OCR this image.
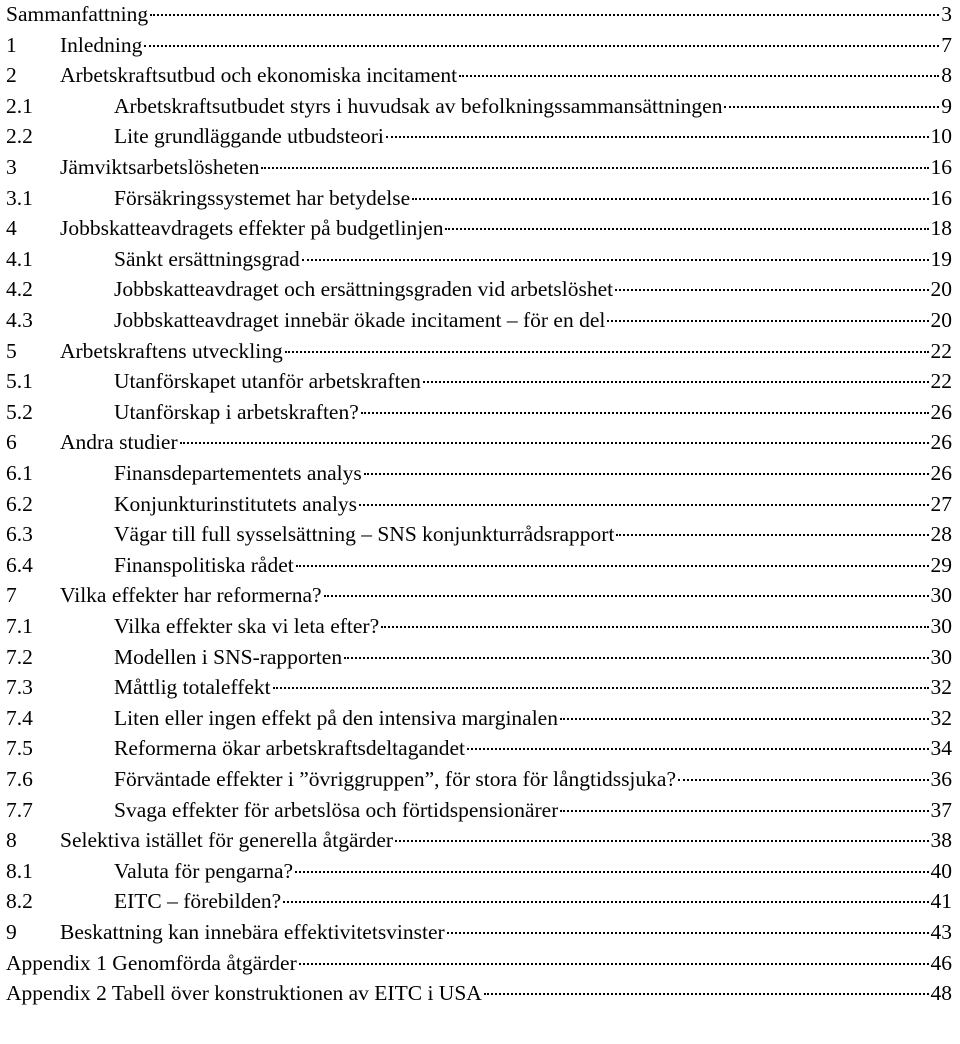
Sammanfattning	3
1	Inledning	7
2	Arbetskraftsutbud och ekonomiska incitament	8
2.1	Arbetskraftsutbudet styrs i huvudsak av befolkningssammansättningen	9
2.2	Lite grundläggande utbudsteori	10
3	Jämviktsarbetslösheten	16
3.1	Försäkringssystemet har betydelse	16
4	Jobbskatteavdragets effekter på budgetlinjen	18
4.1	Sänkt ersättningsgrad	19
4.2	Jobbskatteavdraget och ersättningsgraden vid arbetslöshet	20
4.3	Jobbskatteavdraget innebär ökade incitament – för en del	20
5	Arbetskraftens utveckling	22
5.1	Utanförskapet utanför arbetskraften	22
5.2	Utanförskap i arbetskraften?	26
6	Andra studier	26
6.1	Finansdepartementets analys	26
6.2	Konjunkturinstitutets analys	27
6.3	Vägar till full sysselsättning – SNS konjunkturrådsrapport	28
6.4	Finanspolitiska rådet	29
7	Vilka effekter har reformerna?	30
7.1	Vilka effekter ska vi leta efter?	30
7.2	Modellen i SNS-rapporten	30
7.3	Måttlig totaleffekt	32
7.4	Liten eller ingen effekt på den intensiva marginalen	32
7.5	Reformerna ökar arbetskraftsdeltagandet	34
7.6	Förväntade effekter i ”övriggruppen”, för stora för långtidssjuka?	36
7.7	Svaga effekter för arbetslösa och förtidspensionärer	37
8	Selektiva istället för generella åtgärder	38
8.1	Valuta för pengarna?	40
8.2	EITC – förebilden?	41
9	Beskattning kan innebära effektivitetsvinster	43
Appendix 1 Genomförda åtgärder	46
Appendix 2 Tabell över konstruktionen av EITC i USA	48
